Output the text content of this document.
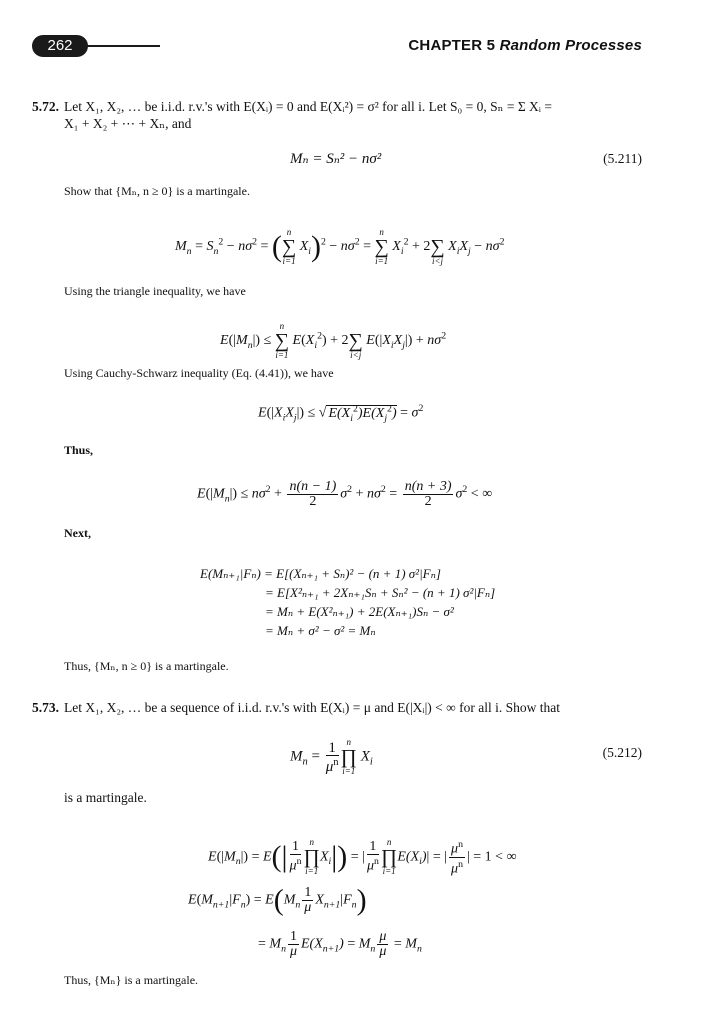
262	CHAPTER 5 Random Processes
5.72. Let X₁, X₂, … be i.i.d. r.v.'s with E(Xᵢ) = 0 and E(Xᵢ²) = σ² for all i. Let S₀ = 0, Sₙ = Σ Xᵢ =
X₁ + X₂ + ⋯ + Xₙ, and
Mₙ = Sₙ² − nσ²	(5.211)
Show that {Mₙ, n ≥ 0} is a martingale.
$M_n = S_n^2 - n\sigma^2$ = ( n
∑
i=1
$X_i)^2 - n\sigma^2$ =
n
∑
i=1
$X_i^2 + 2$
∑
i<j
$X_iX_j - n\sigma^2$
Using the triangle inequality, we have
$E(|M_n|)$ ≤
n
∑
i=1
$E(X_i^2) + 2$
∑
i<j
$E(|X_iX_j|) + n\sigma^2$
Using Cauchy-Schwarz inequality (Eq. (4.41)), we have
$E(|X_iX_j|)$ ≤ √ $E(X_i^2)E(X_j^2) = \sigma^2$
Thus,
$E(|M_n|) \le n\sigma^2 + \frac{n(n - 1)}{2} \sigma^2 + n\sigma^2 = \frac{n(n + 3)}{2} \sigma^2$ < ∞
Next,
E(Mₙ₊₁|Fₙ) = E[(Xₙ₊₁ + Sₙ)² − (n + 1) σ²|Fₙ]
= E[X²ₙ₊₁ + 2Xₙ₊₁Sₙ + Sₙ² − (n + 1) σ²|Fₙ]
= Mₙ + E(X²ₙ₊₁) + 2E(Xₙ₊₁)Sₙ − σ²
= Mₙ + σ² − σ² = Mₙ
Thus, {Mₙ, n ≥ 0} is a martingale.
5.73. Let X₁, X₂, … be a sequence of i.i.d. r.v.'s with E(Xᵢ) = μ and E(|Xᵢ|) < ∞ for all i. Show that
$M_n = \frac{1}{\mu^n}$ n
∏
i=1
$X_i$
(5.212)
is a martingale.
$E(|M_n|) = E(| \frac{1}{\mu^n}$ n
∏
i=1
$X_i|$) = | $\frac{1}{\mu^n}$ n
∏
i=1
$E(X_i)|$ = | $\frac{\mu^n}{\mu^n}$ | = 1 < ∞
$E(M_{n+1}|F_n) = E(M_n \frac{1}{\mu} X_{n+1}|F_n)$
= $M_n \frac{1}{\mu} E(X_{n+1}) = M_n \frac{\mu}{\mu} = M_n$
Thus, {Mₙ} is a martingale.
